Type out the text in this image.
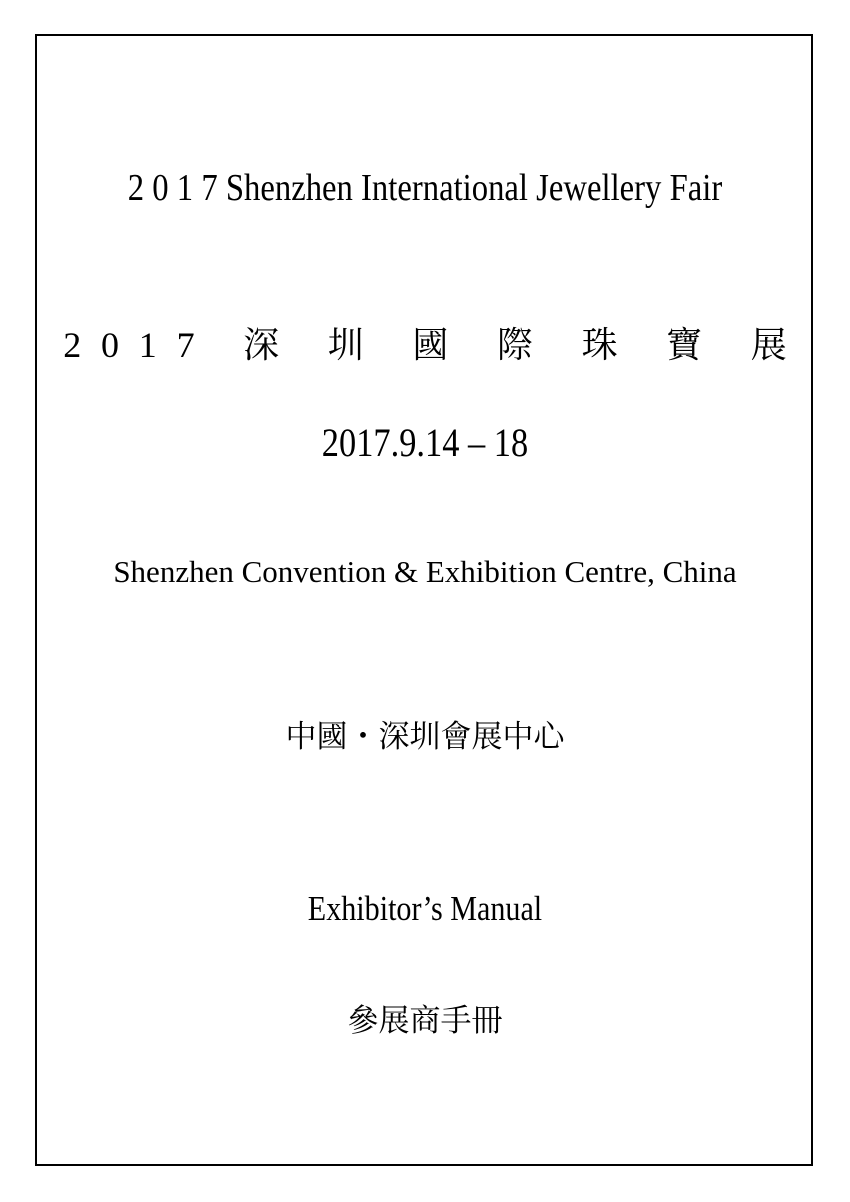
2 0 1 7 Shenzhen International Jewellery Fair
2017 深 圳 國 際 珠 寶 展
2017.9.14 – 18
Shenzhen Convention & Exhibition Centre, China
中國・深圳會展中心
Exhibitor’s Manual
參展商手冊
